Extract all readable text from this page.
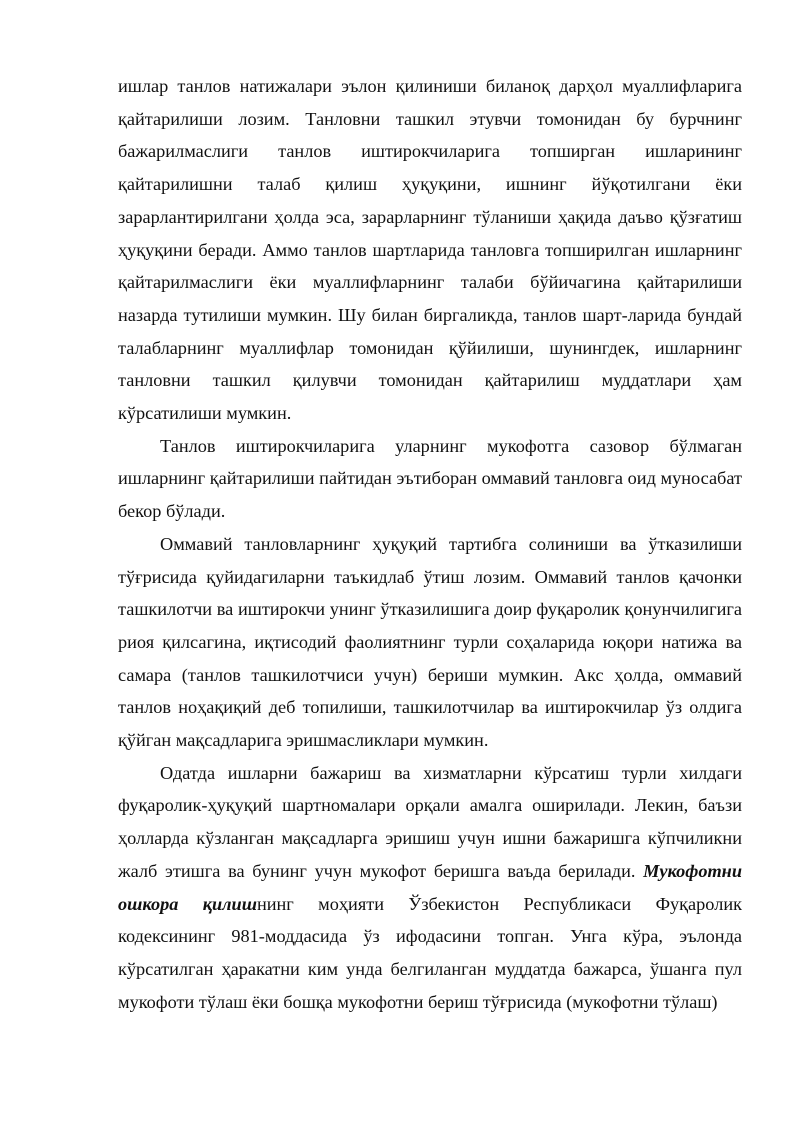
ишлар танлов натижалари эълон қилиниши биланоқ дарҳол муаллифларига қайтарилиши лозим. Танловни ташкил этувчи томонидан бу бурчнинг бажарилмаслиги танлов иштирокчиларига топширган ишларининг қайтарилишни талаб қилиш ҳуқуқини, ишнинг йўқотилгани ёки зарарлантирилгани ҳолда эса, зарарларнинг тўланиши ҳақида даъво қўзғатиш ҳуқуқини беради. Аммо танлов шартларида танловга топширилган ишларнинг қайтарилмаслиги ёки муаллифларнинг талаби бўйичагина қайтарилиши назарда тутилиши мумкин. Шу билан биргаликда, танлов шарт-ларида бундай талабларнинг муаллифлар томонидан қўйилиши, шунингдек, ишларнинг танловни ташкил қилувчи томонидан қайтарилиш муддатлари ҳам кўрсатилиши мумкин.

Танлов иштирокчиларига уларнинг мукофотга сазовор бўлмаган ишларнинг қайтарилиши пайтидан эътиборан оммавий танловга оид муносабат бекор бўлади.

Оммавий танловларнинг ҳуқуқий тартибга солиниши ва ўтказилиши тўғрисида қуйидагиларни таъкидлаб ўтиш лозим. Оммавий танлов қачонки ташкилотчи ва иштирокчи унинг ўтказилишига доир фуқаролик қонунчилигига риоя қилсагина, иқтисодий фаолиятнинг турли соҳаларида юқори натижа ва самара (танлов ташкилотчиси учун) бериши мумкин. Акс ҳолда, оммавий танлов ноҳақиқий деб топилиши, ташкилотчилар ва иштирокчилар ўз олдига қўйган мақсадларига эришмасликлари мумкин.

Одатда ишларни бажариш ва хизматларни кўрсатиш турли хилдаги фуқаролик-ҳуқуқий шартномалари орқали амалга оширилади. Лекин, баъзи ҳолларда кўзланган мақсадларга эришиш учун ишни бажаришга кўпчиликни жалб этишга ва бунинг учун мукофот беришга ваъда берилади. Мукофотни ошкора қилишнинг моҳияти Ўзбекистон Республикаси Фуқаролик кодексининг 981-моддасида ўз ифодасини топган. Унга кўра, эълонда кўрсатилган ҳаракатни ким унда белгиланган муддатда бажарса, ўшанга пул мукофоти тўлаш ёки бошқа мукофотни бериш тўғрисида (мукофотни тўлаш)
